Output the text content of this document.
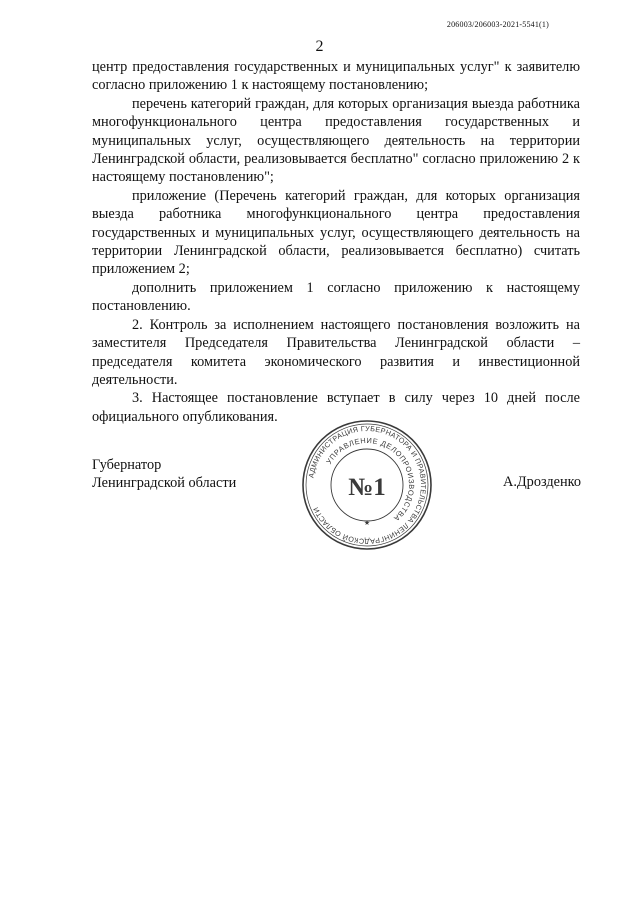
206003/206003-2021-5541(1)
2

центр предоставления государственных и муниципальных услуг" к заявителю согласно приложению 1 к настоящему постановлению;

перечень категорий граждан, для которых организация выезда работника многофункционального центра предоставления государственных и муниципальных услуг, осуществляющего деятельность на территории Ленинградской области, реализовывается бесплатно" согласно приложению 2 к настоящему постановлению";

приложение (Перечень категорий граждан, для которых организация выезда работника многофункционального центра предоставления государственных и муниципальных услуг, осуществляющего деятельность на территории Ленинградской области, реализовывается бесплатно) считать приложением 2;

дополнить приложением 1 согласно приложению к настоящему постановлению.

2. Контроль за исполнением настоящего постановления возложить на заместителя Председателя Правительства Ленинградской области – председателя комитета экономического развития и инвестиционной деятельности.

3. Настоящее постановление вступает в силу через 10 дней после официального опубликования.

Губернатор
Ленинградской области	А.Дрозденко
АДМИНИСТРАЦИЯ ГУБЕРНАТОРА И ПРАВИТЕЛЬСТВА ЛЕНИНГРАДСКОЙ ОБЛАСТИ
УПРАВЛЕНИЕ ДЕЛОПРОИЗВОДСТВА
№1
★
